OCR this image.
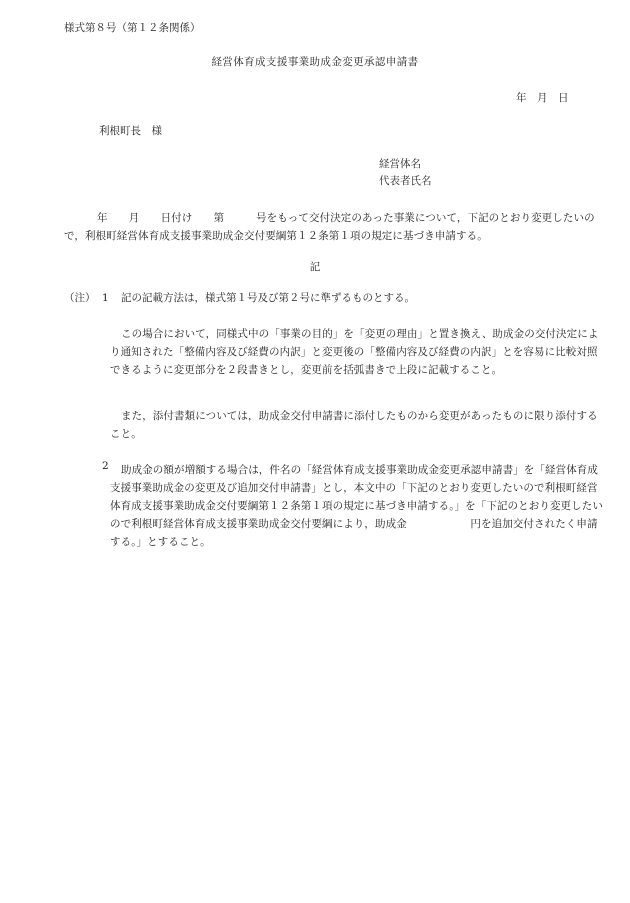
様式第８号（第１２条関係）
経営体育成支援事業助成金変更承認申請書
年　月　日
利根町長　様
経営体名
代表者氏名
年　　月　　日付け　　第　　　号をもって交付決定のあった事業について，下記のとおり変更したいので，利根町経営体育成支援事業助成金交付要綱第１２条第１項の規定に基づき申請する。
記
（注） 1 記の記載方法は，様式第１号及び第２号に準ずるものとする。
この場合において，同様式中の「事業の目的」を「変更の理由」と置き換え、助成金の交付決定により通知された「整備内容及び経費の内訳」と変更後の「整備内容及び経費の内訳」とを容易に比較対照できるように変更部分を２段書きとし，変更前を括弧書きで上段に記載すること。
また，添付書類については，助成金交付申請書に添付したものから変更があったものに限り添付すること。
2	助成金の額が増額する場合は，件名の「経営体育成支援事業助成金変更承認申請書」を「経営体育成支援事業助成金の変更及び追加交付申請書」とし，本文中の「下記のとおり変更したいので利根町経営体育成支援事業助成金交付要綱第１２条第１項の規定に基づき申請する。」を「下記のとおり変更したいので利根町経営体育成支援事業助成金交付要綱により，助成金　　　　　　円を追加交付されたく申請する。」とすること。
